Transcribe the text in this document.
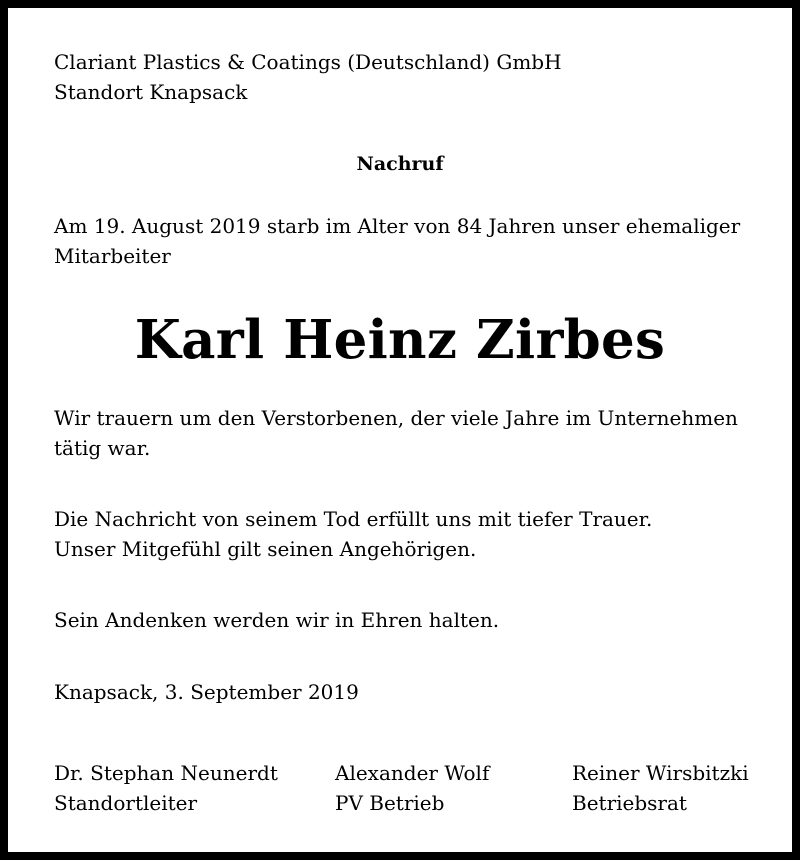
Clariant Plastics & Coatings (Deutschland) GmbH
Standort Knapsack
Nachruf
Am 19. August 2019 starb im Alter von 84 Jahren unser ehemaliger
Mitarbeiter
Karl Heinz Zirbes
Wir trauern um den Verstorbenen, der viele Jahre im Unternehmen
tätig war.
Die Nachricht von seinem Tod erfüllt uns mit tiefer Trauer.
Unser Mitgefühl gilt seinen Angehörigen.
Sein Andenken werden wir in Ehren halten.
Knapsack, 3. September 2019
Dr. Stephan Neunerdt
Standortleiter
Alexander Wolf
PV Betrieb
Reiner Wirsbitzki
Betriebsrat
